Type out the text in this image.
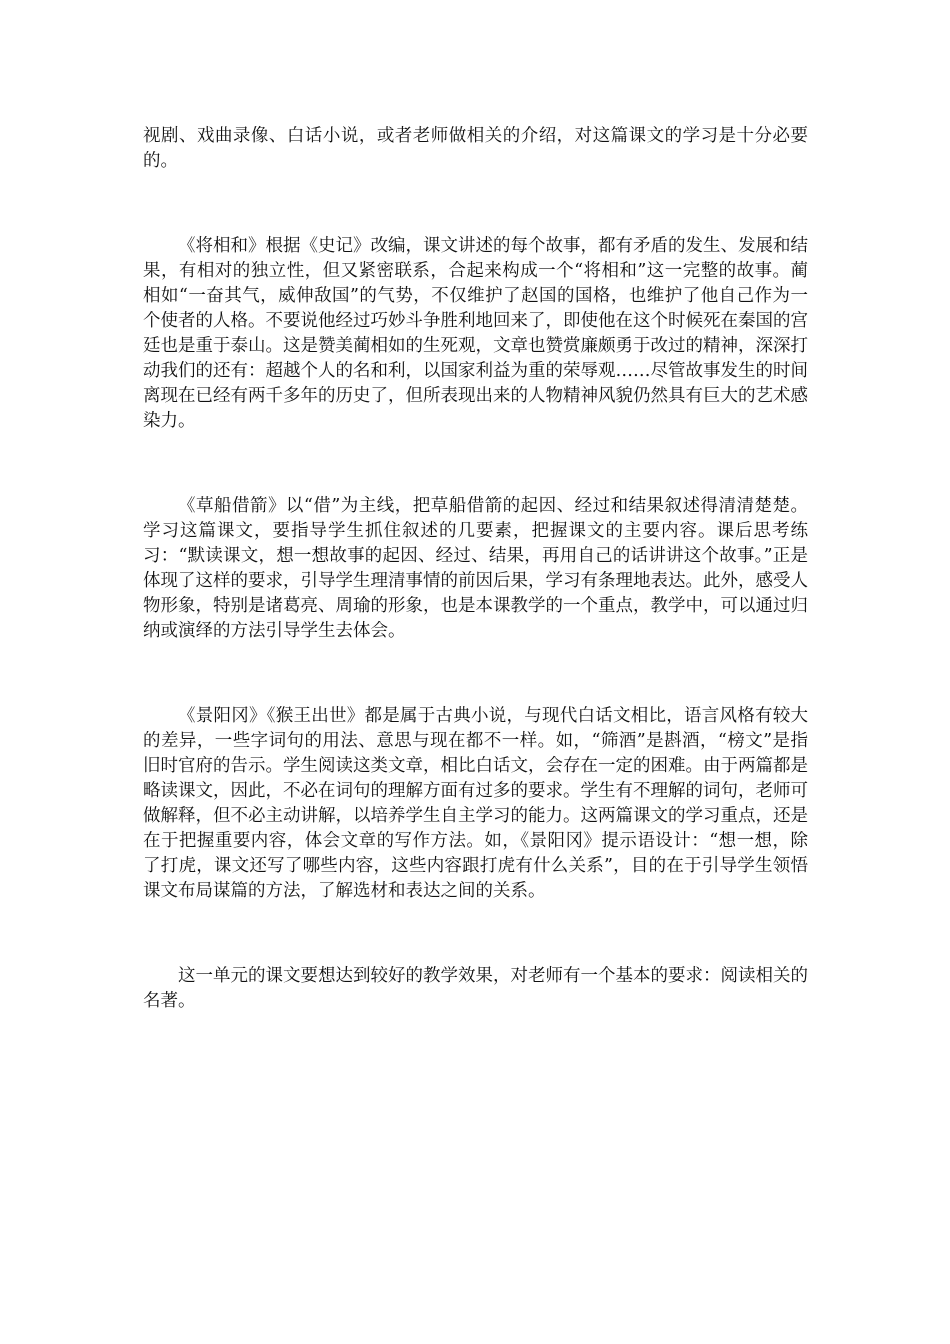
视剧、戏曲录像、白话小说，或者老师做相关的介绍，对这篇课文的学习是十分必要的。

《将相和》根据《史记》改编，课文讲述的每个故事，都有矛盾的发生、发展和结果，有相对的独立性，但又紧密联系，合起来构成一个“将相和”这一完整的故事。蔺相如“一奋其气，威伸敌国”的气势，不仅维护了赵国的国格，也维护了他自己作为一个使者的人格。不要说他经过巧妙斗争胜利地回来了，即使他在这个时候死在秦国的宫廷也是重于泰山。这是赞美蔺相如的生死观，文章也赞赏廉颇勇于改过的精神，深深打动我们的还有：超越个人的名和利，以国家利益为重的荣辱观……尽管故事发生的时间离现在已经有两千多年的历史了，但所表现出来的人物精神风貌仍然具有巨大的艺术感染力。

《草船借箭》以“借”为主线，把草船借箭的起因、经过和结果叙述得清清楚楚。学习这篇课文，要指导学生抓住叙述的几要素，把握课文的主要内容。课后思考练习：“默读课文，想一想故事的起因、经过、结果，再用自己的话讲讲这个故事。”正是体现了这样的要求，引导学生理清事情的前因后果，学习有条理地表达。此外，感受人物形象，特别是诸葛亮、周瑜的形象，也是本课教学的一个重点，教学中，可以通过归纳或演绎的方法引导学生去体会。

《景阳冈》《猴王出世》都是属于古典小说，与现代白话文相比，语言风格有较大的差异，一些字词句的用法、意思与现在都不一样。如，“筛酒”是斟酒，“榜文”是指旧时官府的告示。学生阅读这类文章，相比白话文，会存在一定的困难。由于两篇都是略读课文，因此，不必在词句的理解方面有过多的要求。学生有不理解的词句，老师可做解释，但不必主动讲解，以培养学生自主学习的能力。这两篇课文的学习重点，还是在于把握重要内容，体会文章的写作方法。如，《景阳冈》提示语设计：“想一想，除了打虎，课文还写了哪些内容，这些内容跟打虎有什么关系”，目的在于引导学生领悟课文布局谋篇的方法，了解选材和表达之间的关系。

这一单元的课文要想达到较好的教学效果，对老师有一个基本的要求：阅读相关的名著。
